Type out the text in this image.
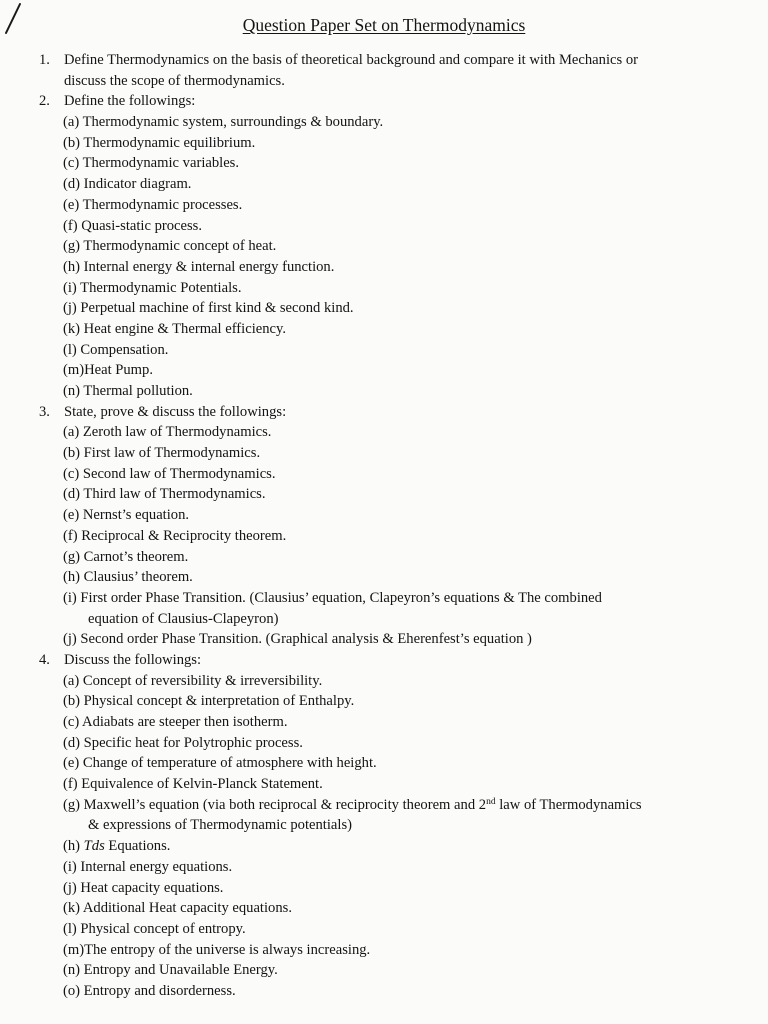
Question Paper Set on Thermodynamics
1. Define Thermodynamics on the basis of theoretical background and compare it with Mechanics or
discuss the scope of thermodynamics.
2. Define the followings:
(a) Thermodynamic system, surroundings & boundary.
(b) Thermodynamic equilibrium.
(c) Thermodynamic variables.
(d) Indicator diagram.
(e) Thermodynamic processes.
(f) Quasi-static process.
(g) Thermodynamic concept of heat.
(h) Internal energy & internal energy function.
(i) Thermodynamic Potentials.
(j) Perpetual machine of first kind & second kind.
(k) Heat engine & Thermal efficiency.
(l) Compensation.
(m)Heat Pump.
(n) Thermal pollution.
3. State, prove & discuss the followings:
(a) Zeroth law of Thermodynamics.
(b) First law of Thermodynamics.
(c) Second law of Thermodynamics.
(d) Third law of Thermodynamics.
(e) Nernst’s equation.
(f) Reciprocal & Reciprocity theorem.
(g) Carnot’s theorem.
(h) Clausius’ theorem.
(i) First order Phase Transition. (Clausius’ equation, Clapeyron’s equations & The combined
equation of Clausius-Clapeyron)
(j) Second order Phase Transition. (Graphical analysis & Eherenfest’s equation )
4. Discuss the followings:
(a) Concept of reversibility & irreversibility.
(b) Physical concept & interpretation of Enthalpy.
(c) Adiabats are steeper then isotherm.
(d) Specific heat for Polytrophic process.
(e) Change of temperature of atmosphere with height.
(f) Equivalence of Kelvin-Planck Statement.
(g) Maxwell’s equation (via both reciprocal & reciprocity theorem and 2nd law of Thermodynamics
& expressions of Thermodynamic potentials)
(h) Tds Equations.
(i) Internal energy equations.
(j) Heat capacity equations.
(k) Additional Heat capacity equations.
(l) Physical concept of entropy.
(m)The entropy of the universe is always increasing.
(n) Entropy and Unavailable Energy.
(o) Entropy and disorderness.
